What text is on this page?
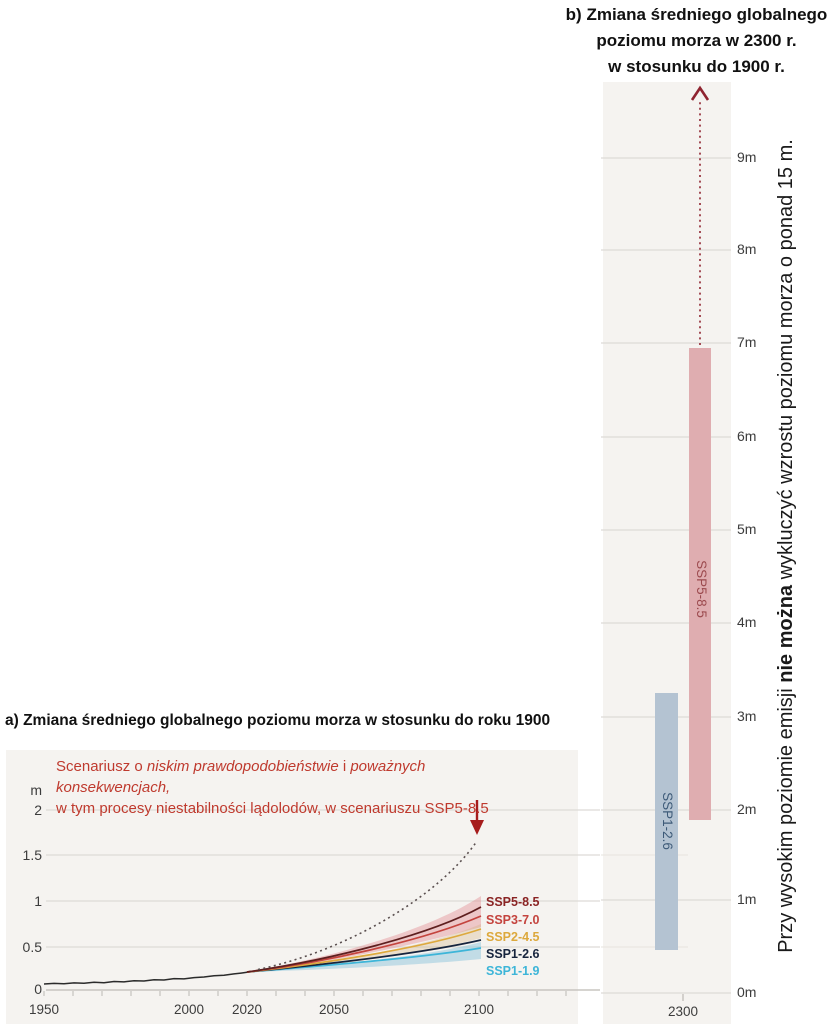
b) Zmiana średniego globalnego
poziomu morza w 2300 r.
w stosunku do 1900 r.
a) Zmiana średniego globalnego poziomu morza w stosunku do roku 1900
Scenariusz o niskim prawdopodobieństwie i poważnych konsekwencjach,
w tym procesy niestabilności lądolodów, w scenariuszu SSP5-8.5
m
2
1.5
1
0.5
0
1950	2000	2020	2050	2100
SSP5-8.5
SSP3-7.0
SSP2-4.5
SSP1-2.6
SSP1-1.9
9m
8m
7m
6m
5m
4m
3m
2m
1m
0m
2300
SSP5-8.5
SSP1-2.6	Przy wysokim poziomie emisji nie można wykluczyć wzrostu poziomu morza o ponad 15 m.
